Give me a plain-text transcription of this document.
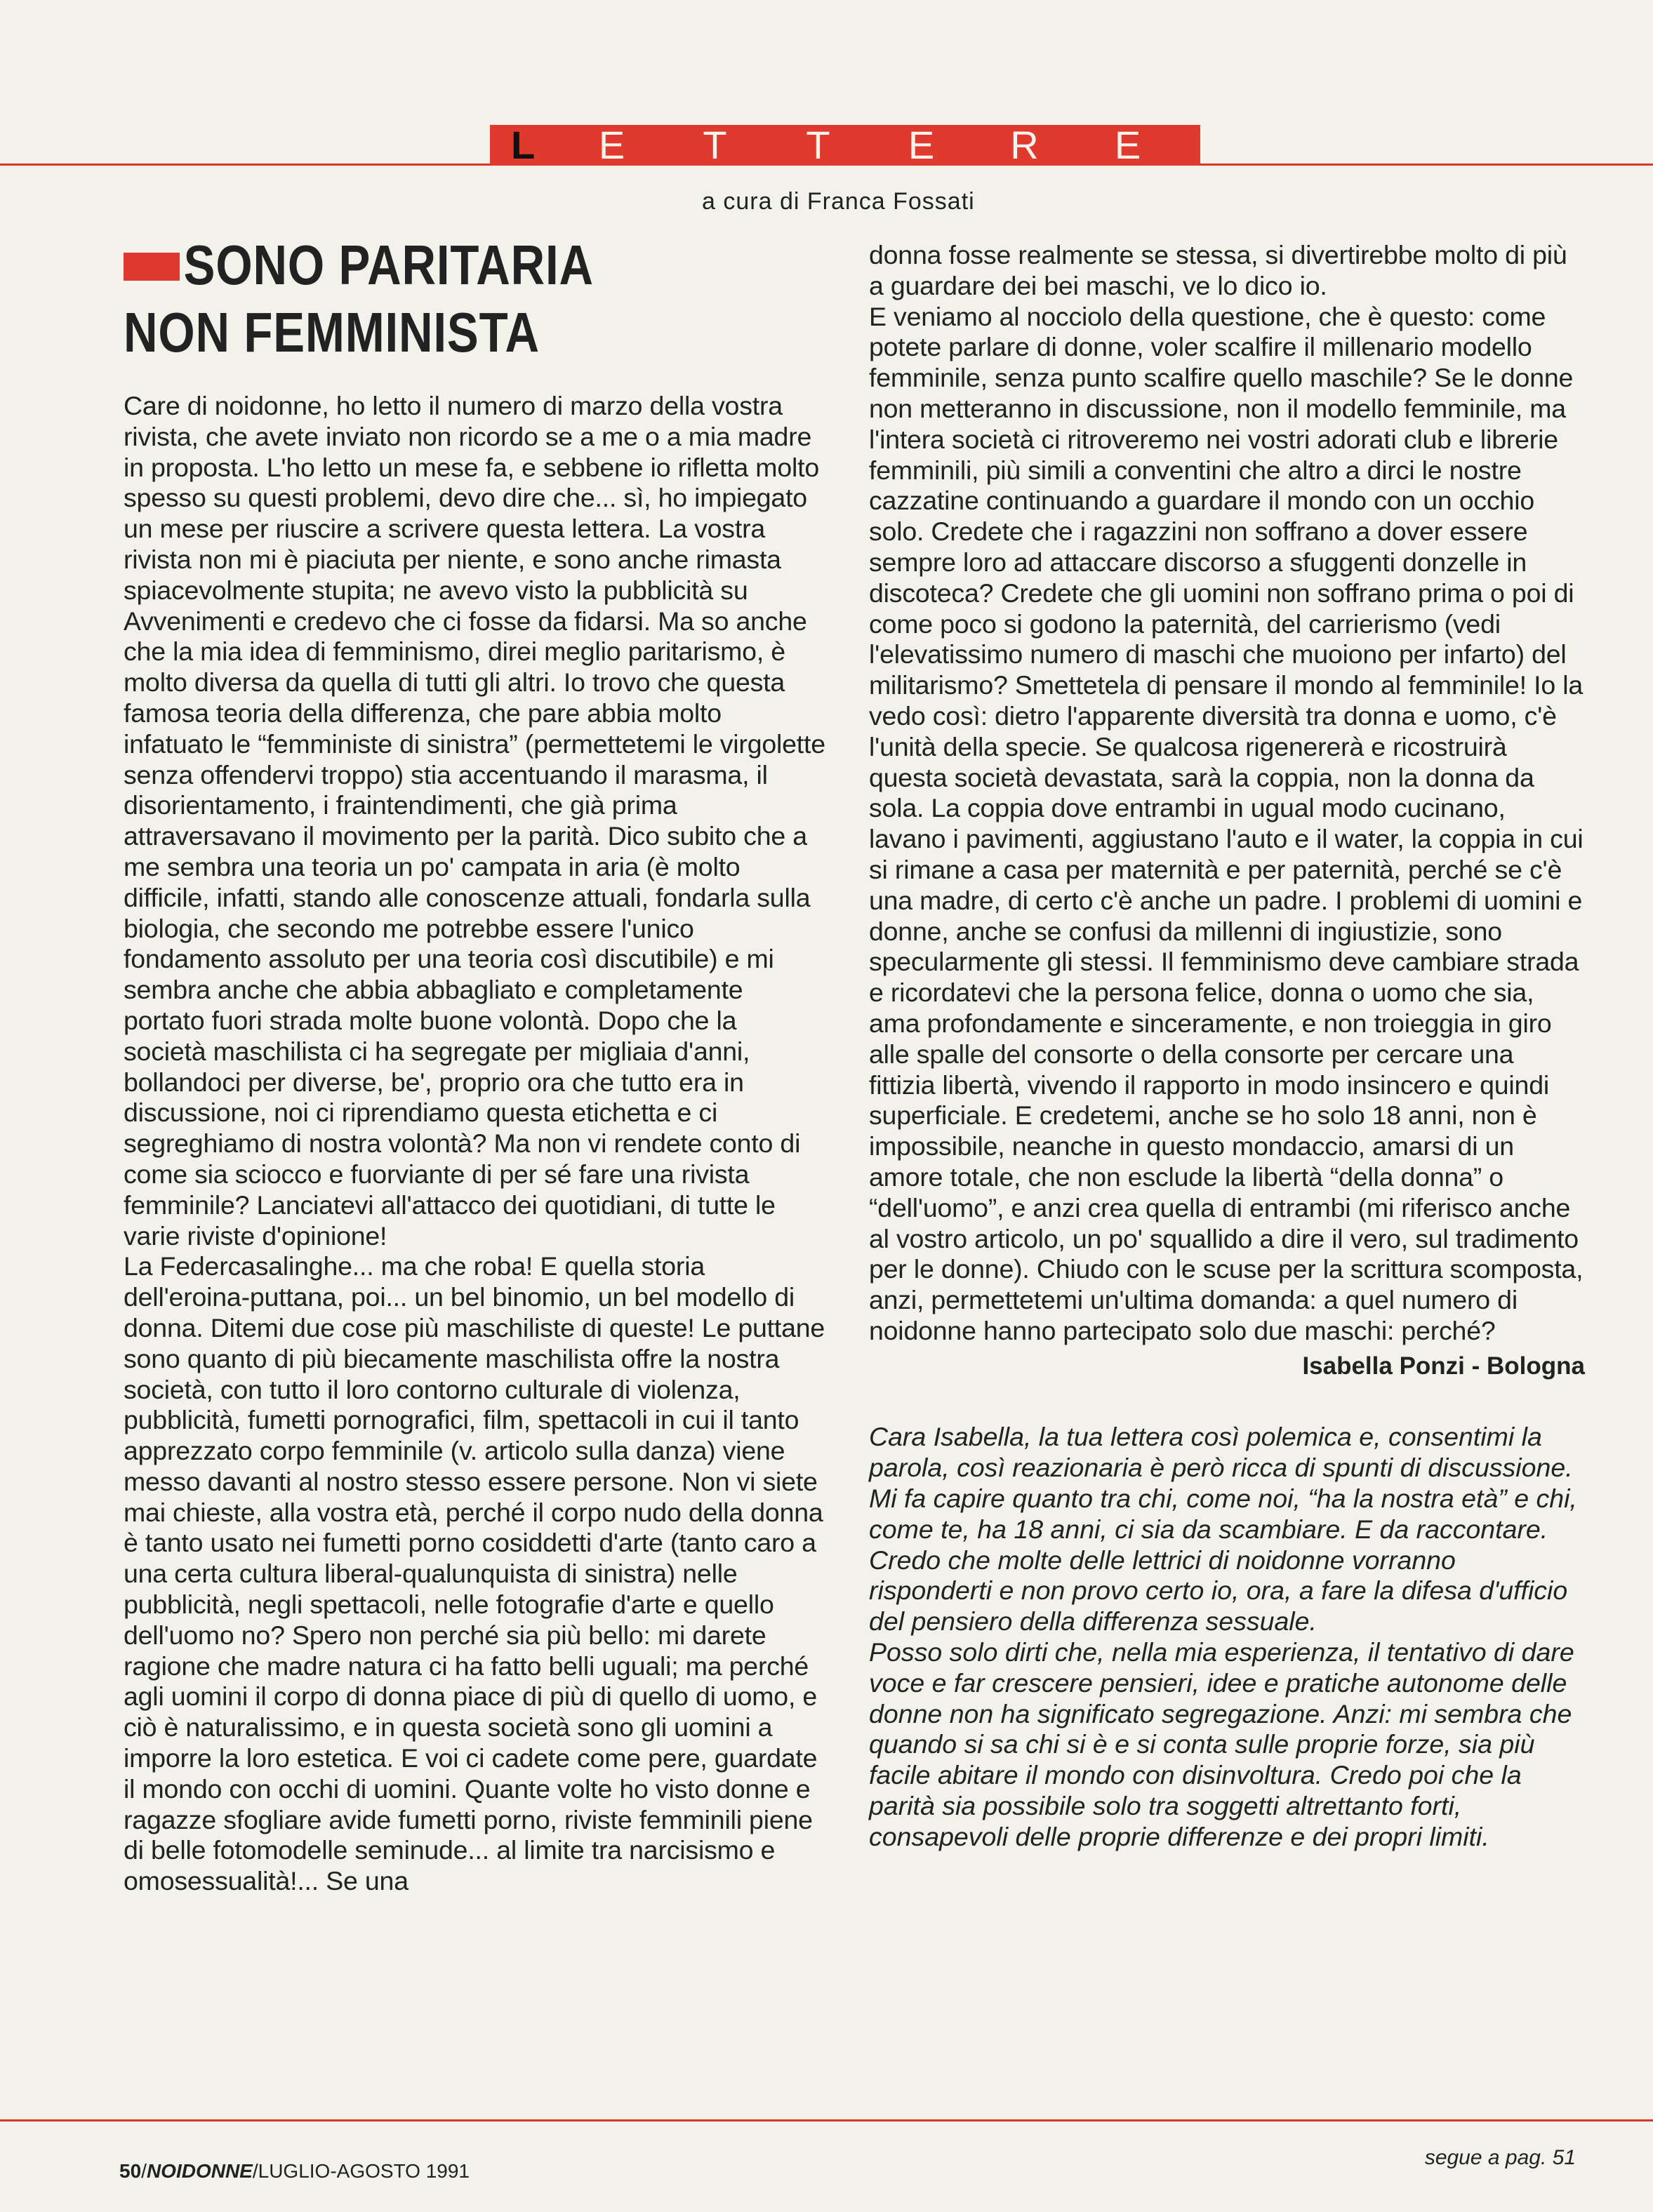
L	E	T	T	E	R	E
a cura di Franca Fossati
SONO PARITARIA
NON FEMMINISTA

Care di noidonne, ho letto il numero di marzo della vostra rivista, che avete inviato non ricordo se a me o a mia madre in proposta. L'ho letto un mese fa, e sebbene io rifletta molto spesso su questi problemi, devo dire che... sì, ho impiegato un mese per riuscire a scrivere questa lettera. La vostra rivista non mi è piaciuta per niente, e sono anche rimasta spiacevolmente stupita; ne avevo visto la pubblicità su Avvenimenti e credevo che ci fosse da fidarsi. Ma so anche che la mia idea di femminismo, direi meglio paritarismo, è molto diversa da quella di tutti gli altri. Io trovo che questa famosa teoria della differenza, che pare abbia molto infatuato le “femministe di sinistra” (permettetemi le virgolette senza offendervi troppo) stia accentuando il marasma, il disorientamento, i fraintendimenti, che già prima attraversavano il movimento per la parità. Dico subito che a me sembra una teoria un po' campata in aria (è molto difficile, infatti, stando alle conoscenze attuali, fondarla sulla biologia, che secondo me potrebbe essere l'unico fondamento assoluto per una teoria così discutibile) e mi sembra anche che abbia abbagliato e completamente portato fuori strada molte buone volontà. Dopo che la società maschilista ci ha segregate per migliaia d'anni, bollandoci per diverse, be', proprio ora che tutto era in discussione, noi ci riprendiamo questa etichetta e ci segreghiamo di nostra volontà? Ma non vi rendete conto di come sia sciocco e fuorviante di per sé fare una rivista femminile? Lanciatevi all'attacco dei quotidiani, di tutte le varie riviste d'opinione!

La Federcasalinghe... ma che roba! E quella storia dell'eroina-puttana, poi... un bel binomio, un bel modello di donna. Ditemi due cose più maschiliste di queste! Le puttane sono quanto di più biecamente maschilista offre la nostra società, con tutto il loro contorno culturale di violenza, pubblicità, fumetti pornografici, film, spettacoli in cui il tanto apprezzato corpo femminile (v. articolo sulla danza) viene messo davanti al nostro stesso essere persone. Non vi siete mai chieste, alla vostra età, perché il corpo nudo della donna è tanto usato nei fumetti porno cosiddetti d'arte (tanto caro a una certa cultura liberal-qualunquista di sinistra) nelle pubblicità, negli spettacoli, nelle fotografie d'arte e quello dell'uomo no? Spero non perché sia più bello: mi darete ragione che madre natura ci ha fatto belli uguali; ma perché agli uomini il corpo di donna piace di più di quello di uomo, e ciò è naturalissimo, e in questa società sono gli uomini a imporre la loro estetica. E voi ci cadete come pere, guardate il mondo con occhi di uomini. Quante volte ho visto donne e ragazze sfogliare avide fumetti porno, riviste femminili piene di belle fotomodelle seminude... al limite tra narcisismo e omosessualità!... Se una

donna fosse realmente se stessa, si divertirebbe molto di più a guardare dei bei maschi, ve lo dico io.

E veniamo al nocciolo della questione, che è questo: come potete parlare di donne, voler scalfire il millenario modello femminile, senza punto scalfire quello maschile? Se le donne non metteranno in discussione, non il modello femminile, ma l'intera società ci ritroveremo nei vostri adorati club e librerie femminili, più simili a conventini che altro a dirci le nostre cazzatine continuando a guardare il mondo con un occhio solo. Credete che i ragazzini non soffrano a dover essere sempre loro ad attaccare discorso a sfuggenti donzelle in discoteca? Credete che gli uomini non soffrano prima o poi di come poco si godono la paternità, del carrierismo (vedi l'elevatissimo numero di maschi che muoiono per infarto) del militarismo? Smettetela di pensare il mondo al femminile! Io la vedo così: dietro l'apparente diversità tra donna e uomo, c'è l'unità della specie. Se qualcosa rigenererà e ricostruirà questa società devastata, sarà la coppia, non la donna da sola. La coppia dove entrambi in ugual modo cucinano, lavano i pavimenti, aggiustano l'auto e il water, la coppia in cui si rimane a casa per maternità e per paternità, perché se c'è una madre, di certo c'è anche un padre. I problemi di uomini e donne, anche se confusi da millenni di ingiustizie, sono specularmente gli stessi. Il femminismo deve cambiare strada e ricordatevi che la persona felice, donna o uomo che sia, ama profondamente e sinceramente, e non troieggia in giro alle spalle del consorte o della consorte per cercare una fittizia libertà, vivendo il rapporto in modo insincero e quindi superficiale. E credetemi, anche se ho solo 18 anni, non è impossibile, neanche in questo mondaccio, amarsi di un amore totale, che non esclude la libertà “della donna” o “dell'uomo”, e anzi crea quella di entrambi (mi riferisco anche al vostro articolo, un po' squallido a dire il vero, sul tradimento per le donne). Chiudo con le scuse per la scrittura scomposta, anzi, permettetemi un'ultima domanda: a quel numero di noidonne hanno partecipato solo due maschi: perché?

Isabella Ponzi - Bologna

Cara Isabella, la tua lettera così polemica e, consentimi la parola, così reazionaria è però ricca di spunti di discussione. Mi fa capire quanto tra chi, come noi, “ha la nostra età” e chi, come te, ha 18 anni, ci sia da scambiare. E da raccontare. Credo che molte delle lettrici di noidonne vorranno risponderti e non provo certo io, ora, a fare la difesa d'ufficio del pensiero della differenza sessuale.

Posso solo dirti che, nella mia esperienza, il tentativo di dare voce e far crescere pensieri, idee e pratiche autonome delle donne non ha significato segregazione. Anzi: mi sembra che quando si sa chi si è e si conta sulle proprie forze, sia più facile abitare il mondo con disinvoltura. Credo poi che la parità sia possibile solo tra soggetti altrettanto forti, consapevoli delle proprie differenze e dei propri limiti.

50/NOIDONNE/LUGLIO-AGOSTO 1991
segue a pag. 51
